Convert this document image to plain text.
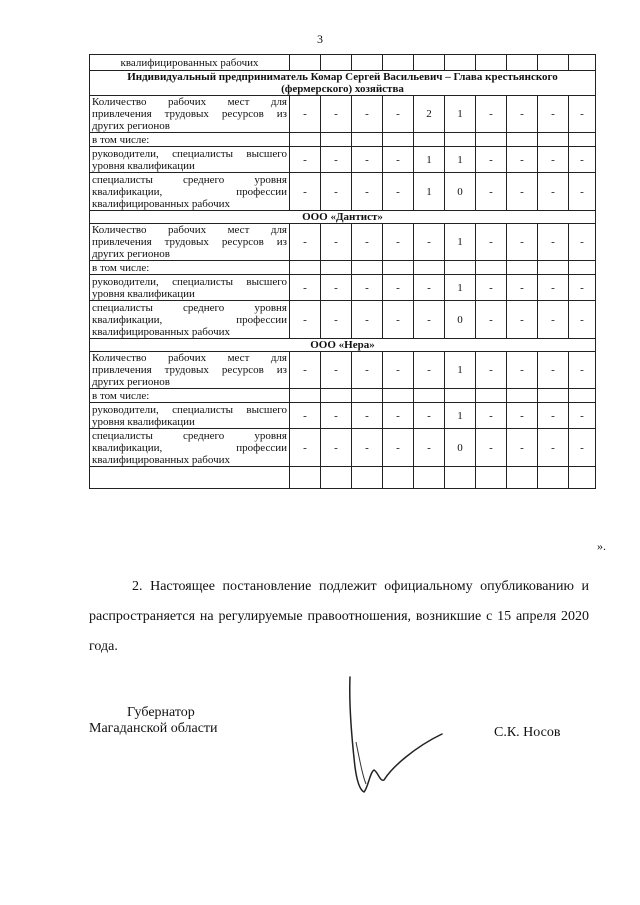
3
квалифицированных рабочих										
Индивидуальный предприниматель Комар Сергей Васильевич – Глава крестьянского (фермерского) хозяйства										
Количество рабочих мест для привлечения трудовых ресурсов из других регионов	-	-	-	-	2	1	-	-	-	-
в том числе:										
руководители, специалисты высшего уровня квалификации	-	-	-	-	1	1	-	-	-	-
специалисты среднего уровня квалификации, профессии квалифицированных рабочих	-	-	-	-	1	0	-	-	-	-
ООО «Дантист»										
Количество рабочих мест для привлечения трудовых ресурсов из других регионов	-	-	-	-	-	1	-	-	-	-
в том числе:										
руководители, специалисты высшего уровня квалификации	-	-	-	-	-	1	-	-	-	-
специалисты среднего уровня квалификации, профессии квалифицированных рабочих	-	-	-	-	-	0	-	-	-	-
ООО «Нера»										
Количество рабочих мест для привлечения трудовых ресурсов из других регионов	-	-	-	-	-	1	-	-	-	-
в том числе:										
руководители, специалисты высшего уровня квалификации	-	-	-	-	-	1	-	-	-	-
специалисты среднего уровня квалификации, профессии квалифицированных рабочих	-	-	-	-	-	0	-	-	-	-

».

2. Настоящее постановление подлежит официальному опубликованию и распространяется на регулируемые правоотношения, возникшие с 15 апреля 2020 года.

Губернатор
Магаданской области	С.К. Носов
